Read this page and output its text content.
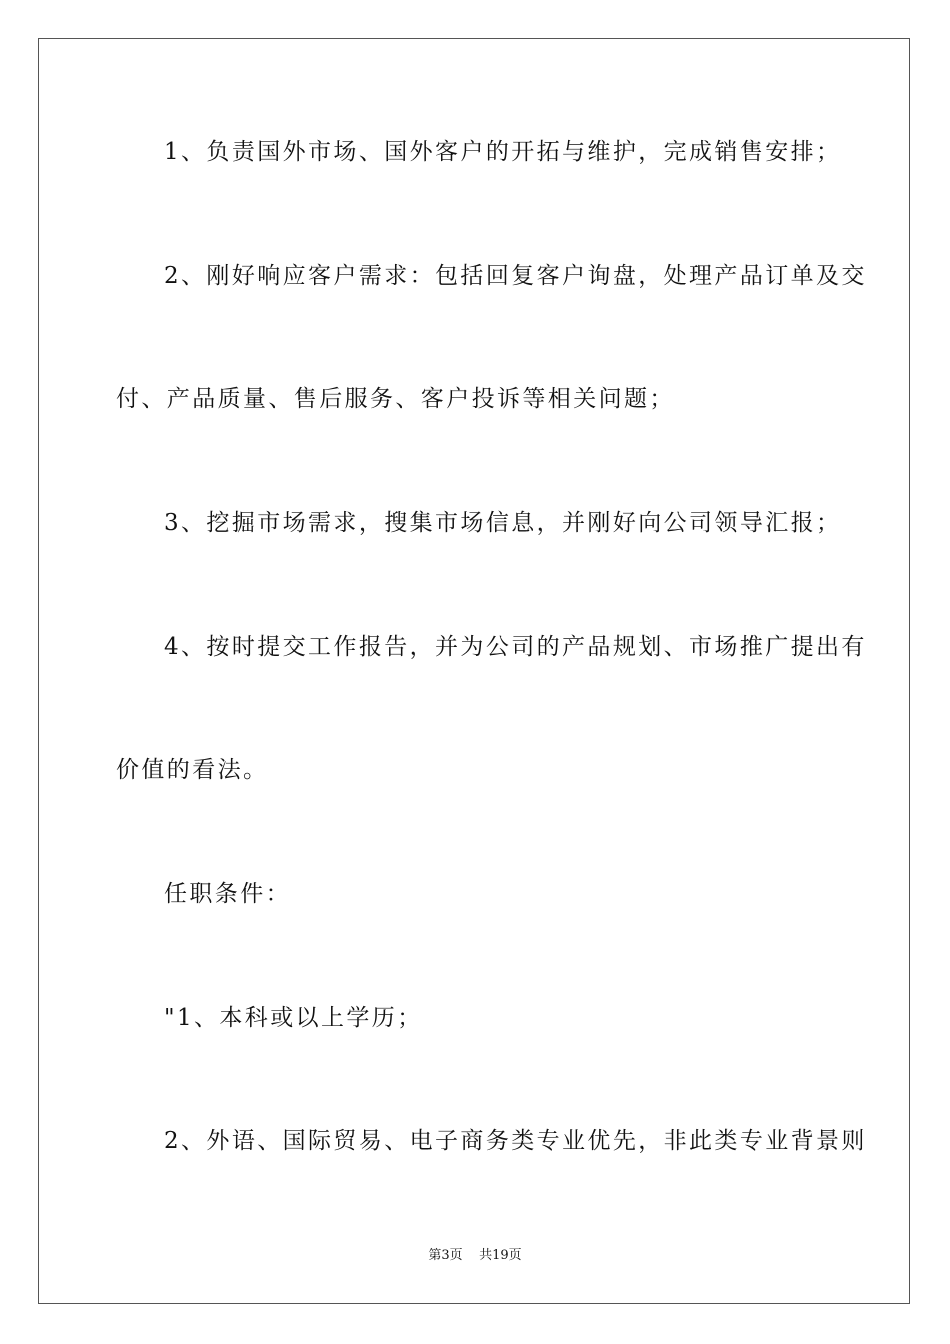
1、负责国外市场、国外客户的开拓与维护，完成销售安排；
2、刚好响应客户需求：包括回复客户询盘，处理产品订单及交
付、产品质量、售后服务、客户投诉等相关问题；
3、挖掘市场需求，搜集市场信息，并刚好向公司领导汇报；
4、按时提交工作报告，并为公司的产品规划、市场推广提出有
价值的看法。
任职条件：
"1、本科或以上学历；
2、外语、国际贸易、电子商务类专业优先，非此类专业背景则
第3页    共19页
